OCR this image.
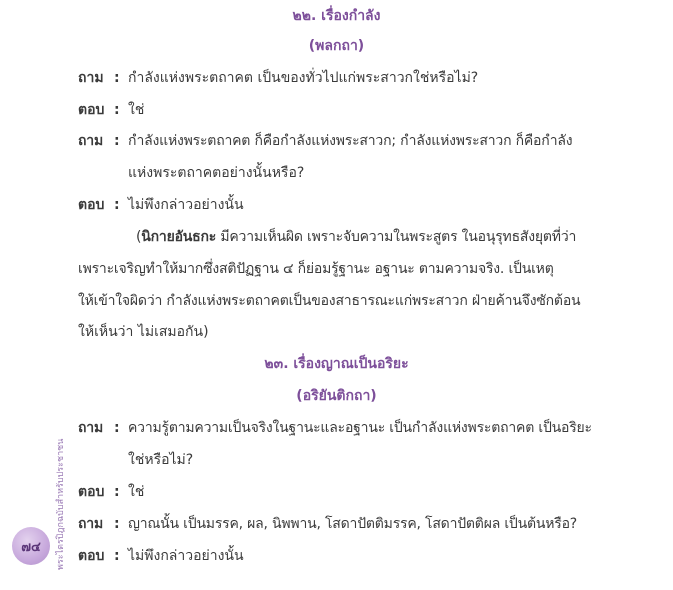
๒๒. เรื่องกำลัง
(พลกถา)
ถาม : กำลังแห่งพระตถาคต เป็นของทั่วไปแก่พระสาวกใช่หรือไม่?
ตอบ : ใช่
ถาม : กำลังแห่งพระตถาคต ก็คือกำลังแห่งพระสาวก; กำลังแห่งพระสาวก ก็คือกำลัง
แห่งพระตถาคตอย่างนั้นหรือ?
ตอบ : ไม่พึงกล่าวอย่างนั้น
(นิกายอันธกะ มีความเห็นผิด เพราะจับความในพระสูตร ในอนุรุทธสังยุตที่ว่า
เพราะเจริญทำให้มากซึ่งสติปัฏฐาน ๔ ก็ย่อมรู้ฐานะ อฐานะ ตามความจริง. เป็นเหตุ
ให้เข้าใจผิดว่า กำลังแห่งพระตถาคตเป็นของสาธารณะแก่พระสาวก ฝ่ายค้านจึงซักต้อน
ให้เห็นว่า ไม่เสมอกัน)
๒๓. เรื่องญาณเป็นอริยะ
(อริยันติกถา)
ถาม : ความรู้ตามความเป็นจริงในฐานะและอฐานะ เป็นกำลังแห่งพระตถาคต เป็นอริยะ
ใช่หรือไม่?
ตอบ : ใช่
ถาม : ญาณนั้น เป็นมรรค, ผล, นิพพาน, โสดาปัตติมรรค, โสดาปัตติผล เป็นต้นหรือ?
ตอบ : ไม่พึงกล่าวอย่างนั้น
พระไตรปิฎกฉบับสำหรับประชาชน
๗๔
